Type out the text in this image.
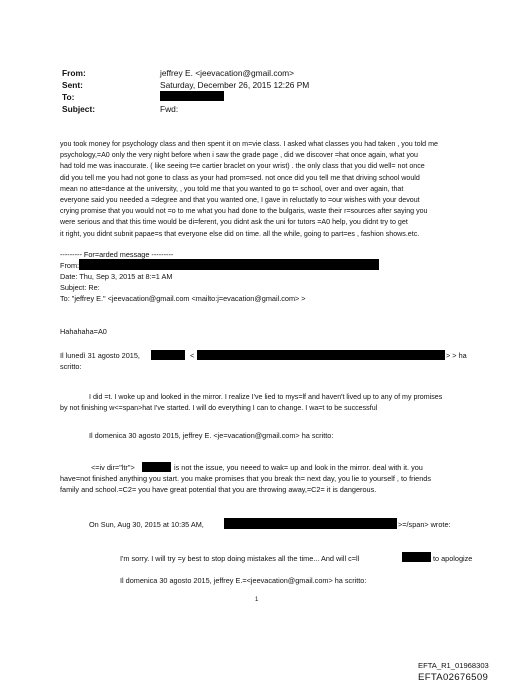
From:	jeffrey E. <jeevacation@gmail.com>
Sent:	Saturday, December 26, 2015 12:26 PM
To:
Subject:	Fwd:
you took money for psychology class and then spent it on m=vie class. I asked what classes you had taken , you told me
psychology,=A0 only the very night before when i saw the grade page , did we discover =hat once again, what you
had told me was inaccurate. ( like seeing t=e cartier braclet on your wrist) . the only class that you did well= not once
did you tell me you had not gone to class as your had prom=sed. not once did you tell me that driving school would
mean no atte=dance at the university, , you told me that you wanted to go t= school, over and over again, that
everyone said you needed a =degree and that you wanted one, I gave in reluctatly to =our wishes with your devout
crying promise that you would not =o to me what you had done to the bulgaris, waste their r=sources after saying you
were serious and that this time would be di=ferent, you didnt ask the uni for tutors =A0 help, you didnt try to get
it right, you didnt subnit papae=s that everyone else did on time. all the while, going to part=es , fashion shows.etc.
--------- For=arded message ---------
From:
Date: Thu, Sep 3, 2015 at 8:=1 AM
Subject: Re:
To: "jeffrey E." <jeevacation@gmail.com <mailto:j=evacation@gmail.com> >
Hahahaha=A0
Il lunedì 31 agosto 2015,	<	> > ha
scritto:
I did =t. I woke up and looked in the mirror. I realize I've lied to mys=lf and haven't lived up to any of my promises
by not finishing w<=span>hat I've started. I will do everything I can to change. I wa=t to be successful
Il domenica 30 agosto 2015, jeffrey E. <je=vacation@gmail.com> ha scritto:
<=iv dir="ltr">	is not the issue, you neeed to wak= up and look in the mirror. deal with it. you
have=not finished anything you start. you make promises that you break th= next day, you lie to yourself , to friends
family and school.=C2= you have great potential that you are throwing away,=C2= it is dangerous.
On Sun, Aug 30, 2015 at 10:35 AM,	>=/span> wrote:
I'm sorry. I will try =y best to stop doing mistakes all the time... And will c=ll	to apologize
Il domenica 30 agosto 2015, jeffrey E.=<jeevacation@gmail.com> ha scritto:
1
EFTA_R1_01968303
EFTA02676509
